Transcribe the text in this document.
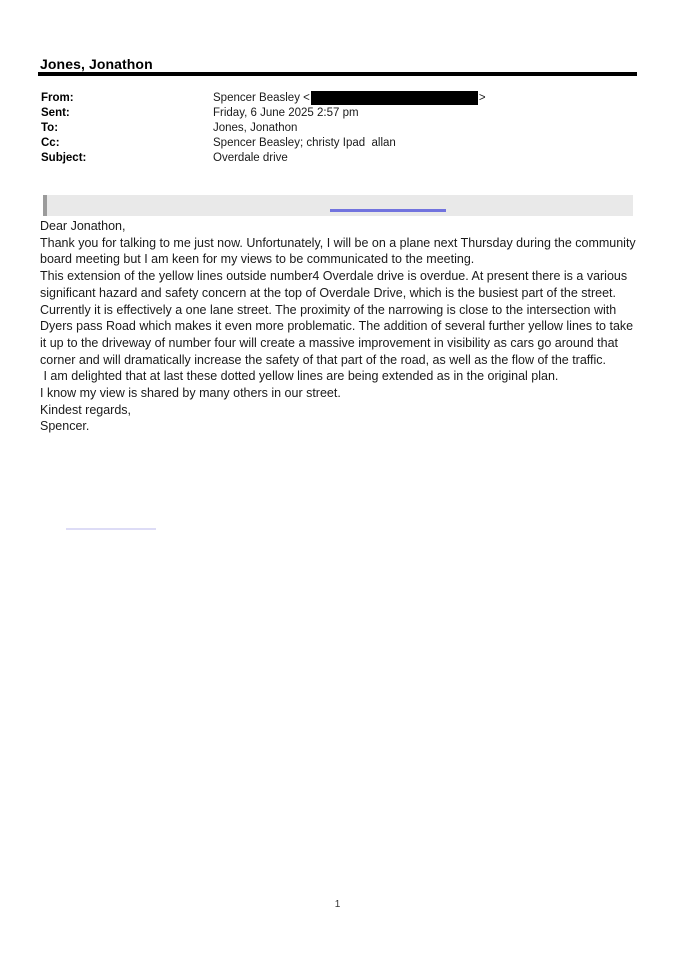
Jones, Jonathon
From:	Spencer Beasley <	>
Sent:	Friday, 6 June 2025 2:57 pm
To:	Jones, Jonathon
Cc:	Spencer Beasley; christy Ipad  allan
Subject:	Overdale drive
Dear Jonathon,
Thank you for talking to me just now. Unfortunately, I will be on a plane next Thursday during the community board meeting but I am keen for my views to be communicated to the meeting.
This extension of the yellow lines outside number4 Overdale drive is overdue. At present there is a various significant hazard and safety concern at the top of Overdale Drive, which is the busiest part of the street. Currently it is effectively a one lane street. The proximity of the narrowing is close to the intersection with Dyers pass Road which makes it even more problematic. The addition of several further yellow lines to take it up to the driveway of number four will create a massive improvement in visibility as cars go around that corner and will dramatically increase the safety of that part of the road, as well as the flow of the traffic.
I am delighted that at last these dotted yellow lines are being extended as in the original plan.
I know my view is shared by many others in our street.
Kindest regards,
Spencer.
1
